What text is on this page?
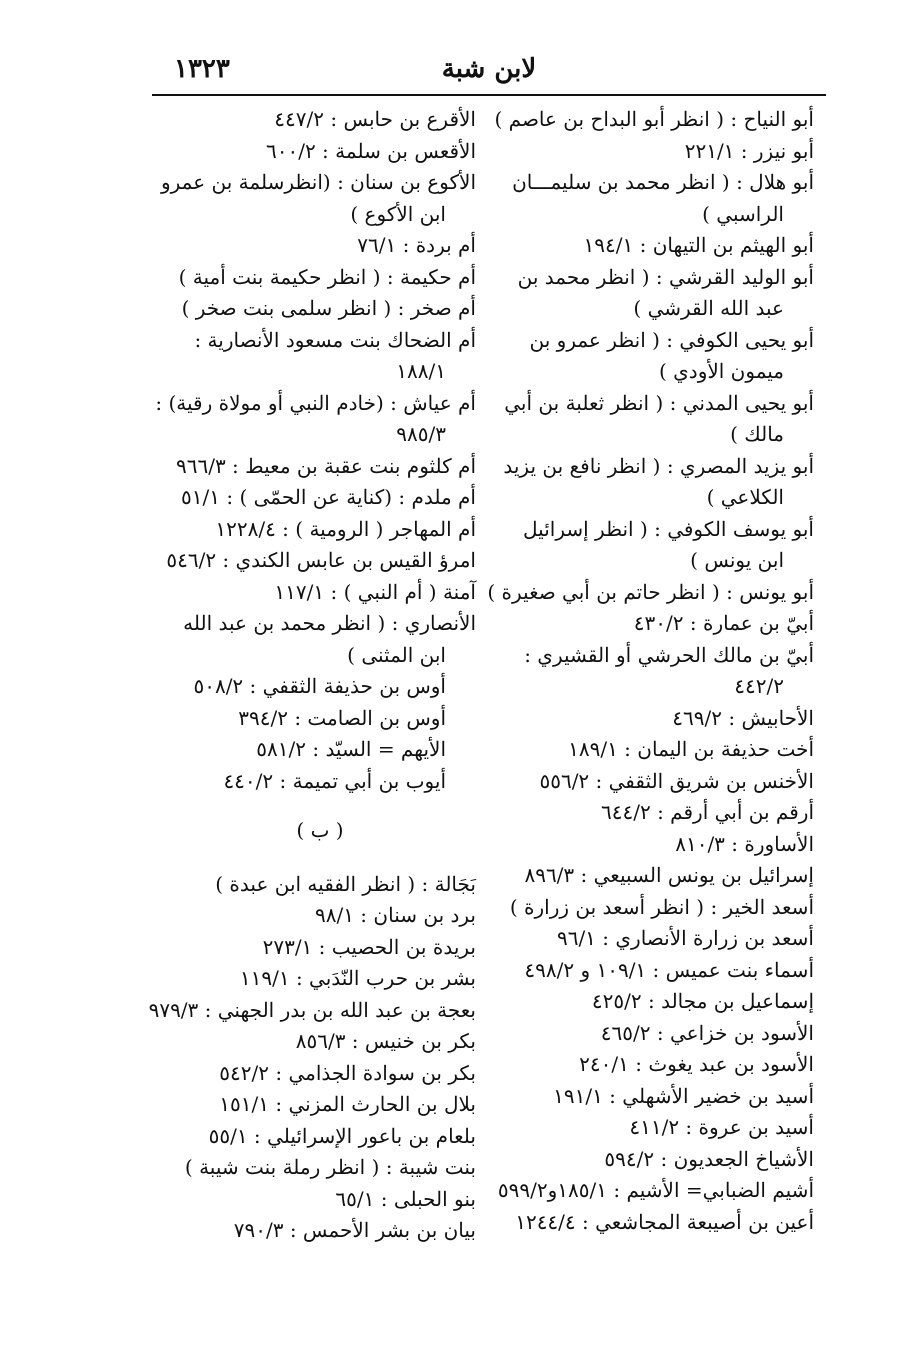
لابن شبة
١٣٢٣
أبو النياح : ( انظر أبو البداح بن عاصم )
أبو نيزر : ٢٢١/١
أبو هلال : ( انظر محمد بن سليمـــان
الراسبي )
أبو الهيثم بن التيهان : ١٩٤/١
أبو الوليد القرشي : ( انظر محمد بن
عبد الله القرشي )
أبو يحيى الكوفي : ( انظر عمرو بن
ميمون الأودي )
أبو يحيى المدني : ( انظر ثعلبة بن أبي
مالك )
أبو يزيد المصري : ( انظر نافع بن يزيد
الكلاعي )
أبو يوسف الكوفي : ( انظر إسرائيل
ابن يونس )
أبو يونس : ( انظر حاتم بن أبي صغيرة )
أبيّ بن عمارة : ٤٣٠/٢
أبيّ بن مالك الحرشي أو القشيري :
٤٤٢/٢
الأحابيش : ٤٦٩/٢
أخت حذيفة بن اليمان : ١٨٩/١
الأخنس بن شريق الثقفي : ٥٥٦/٢
أرقم بن أبي أرقم : ٦٤٤/٢
الأساورة : ٨١٠/٣
إسرائيل بن يونس السبيعي : ٨٩٦/٣
أسعد الخير : ( انظر أسعد بن زرارة )
أسعد بن زرارة الأنصاري : ٩٦/١
أسماء بنت عميس : ١٠٩/١ و ٤٩٨/٢
إسماعيل بن مجالد : ٤٢٥/٢
الأسود بن خزاعي : ٤٦٥/٢
الأسود بن عبد يغوث : ٢٤٠/١
أسيد بن خضير الأشهلي : ١٩١/١
أسيد بن عروة : ٤١١/٢
الأشياخ الجعديون : ٥٩٤/٢
أشيم الضبابي= الأشيم : ١٨٥/١و٥٩٩/٢
أعين بن أصيبعة المجاشعي : ١٢٤٤/٤
الأقرع بن حابس : ٤٤٧/٢
الأقعس بن سلمة : ٦٠٠/٢
الأكوع بن سنان : (انظرسلمة بن عمرو
ابن الأكوع )
أم بردة : ٧٦/١
أم حكيمة : ( انظر حكيمة بنت أمية )
أم صخر : ( انظر سلمى بنت صخر )
أم الضحاك بنت مسعود الأنصارية :
١٨٨/١
أم عياش : (خادم النبي أو مولاة رقية) :
٩٨٥/٣
أم كلثوم بنت عقبة بن معيط : ٩٦٦/٣
أم ملدم : (كناية عن الحمّى ) : ٥١/١
أم المهاجر ( الرومية ) : ١٢٢٨/٤
امرؤ القيس بن عابس الكندي : ٥٤٦/٢
آمنة ( أم النبي ) : ١١٧/١
الأنصاري : ( انظر محمد بن عبد الله
ابن المثنى )
أوس بن حذيفة الثقفي : ٥٠٨/٢
أوس بن الصامت : ٣٩٤/٢
الأيهم = السيّد : ٥٨١/٢
أيوب بن أبي تميمة : ٤٤٠/٢
( ب )
بَجَالة : ( انظر الفقيه ابن عبدة )
برد بن سنان : ٩٨/١
بريدة بن الحصيب : ٢٧٣/١
بشر بن حرب النّدَبي : ١١٩/١
بعجة بن عبد الله بن بدر الجهني : ٩٧٩/٣
بكر بن خنيس : ٨٥٦/٣
بكر بن سوادة الجذامي : ٥٤٢/٢
بلال بن الحارث المزني : ١٥١/١
بلعام بن باعور الإسرائيلي : ٥٥/١
بنت شيبة : ( انظر رملة بنت شيبة )
بنو الحبلى : ٦٥/١
بيان بن بشر الأحمس : ٧٩٠/٣
